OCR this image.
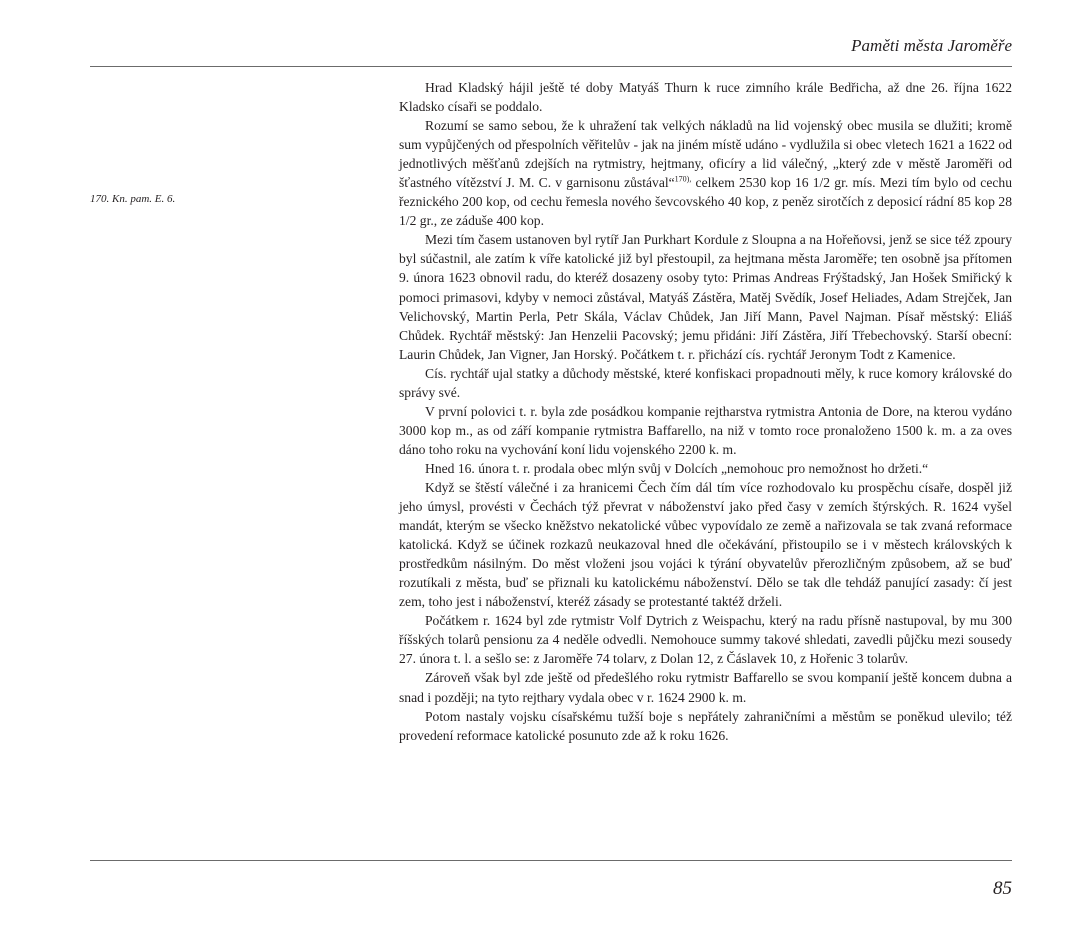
Paměti města Jaroměře
170. Kn. pam. E. 6.

Hrad Kladský hájil ještě té doby Matyáš Thurn k ruce zimního krále Bedřicha, až dne 26. října 1622 Kladsko císaři se poddalo.

Rozumí se samo sebou, že k uhražení tak velkých nákladů na lid vojenský obec musila se dlužiti; kromě sum vypůjčených od přespolních věřitelův - jak na jiném místě udáno - vydlužila si obec vletech 1621 a 1622 od jednotlivých měšťanů zdejších na rytmistry, hejtmany, oficíry a lid válečný, „který zde v městě Jaroměři od šťastného vítězství J. M. C. v garnisonu zůstával“$^{170),}$ celkem 2530 kop 16 1/2 gr. mís. Mezi tím bylo od cechu řeznického 200 kop, od cechu řemesla nového ševcovského 40 kop, z peněz sirotčích z deposicí rádní 85 kop 28 1/2 gr., ze záduše 400 kop.

Mezi tím časem ustanoven byl rytíř Jan Purkhart Kordule z Sloupna a na Hořeňovsi, jenž se sice též zpoury byl súčastnil, ale zatím k víře katolické již byl přestoupil, za hejtmana města Jaroměře; ten osobně jsa přítomen 9. února 1623 obnovil radu, do kteréž dosazeny osoby tyto: Primas Andreas Frýštadský, Jan Hošek Smiřický k pomoci primasovi, kdyby v nemoci zůstával, Matyáš Zástěra, Matěj Svědík, Josef Heliades, Adam Strejček, Jan Velichovský, Martin Perla, Petr Skála, Václav Chůdek, Jan Jiří Mann, Pavel Najman. Písař městský: Eliáš Chůdek. Rychtář městský: Jan Henzelii Pacovský; jemu přidáni: Jiří Zástěra, Jiří Třebechovský. Starší obecní: Laurin Chůdek, Jan Vigner, Jan Horský. Počátkem t. r. přichází cís. rychtář Jeronym Todt z Kamenice.

Cís. rychtář ujal statky a důchody městské, které konfiskaci propadnouti měly, k ruce komory královské do správy své.

V první polovici t. r. byla zde posádkou kompanie rejtharstva rytmistra Antonia de Dore, na kterou vydáno 3000 kop m., as od září kompanie rytmistra Baffarello, na niž v tomto roce pronaloženo 1500 k. m. a za oves dáno toho roku na vychování koní lidu vojenského 2200 k. m.

Hned 16. února t. r. prodala obec mlýn svůj v Dolcích „nemohouc pro nemožnost ho držeti.“

Když se štěstí válečné i za hranicemi Čech čím dál tím více rozhodovalo ku prospěchu císaře, dospěl již jeho úmysl, provésti v Čechách týž převrat v náboženství jako před časy v zemích štýrských. R. 1624 vyšel mandát, kterým se všecko kněžstvo nekatolické vůbec vypovídalo ze země a nařizovala se tak zvaná reformace katolická. Když se účinek rozkazů neukazoval hned dle očekávání, přistoupilo se i v městech královských k prostředkům násilným. Do měst vloženi jsou vojáci k týrání obyvatelův přerozličným způsobem, až se buď rozutíkali z města, buď se přiznali ku katolickému náboženství. Dělo se tak dle tehdáž panující zasady: čí jest zem, toho jest i náboženství, kteréž zásady se protestanté taktéž drželi.

Počátkem r. 1624 byl zde rytmistr Volf Dytrich z Weispachu, který na radu přísně nastupoval, by mu 300 říšských tolarů pensionu za 4 neděle odvedli. Nemohouce summy takové shledati, zavedli půjčku mezi sousedy 27. února t. l. a sešlo se: z Jaroměře 74 tolarv, z Dolan 12, z Čáslavek 10, z Hořenic 3 tolarův.

Zároveň však byl zde ještě od předešlého roku rytmistr Baffarello se svou kompanií ještě koncem dubna a snad i později; na tyto rejthary vydala obec v r. 1624 2900 k. m.

Potom nastaly vojsku císařskému tužší boje s nepřátely zahraničními a městům se poněkud ulevilo; též provedení reformace katolické posunuto zde až k roku 1626.

85
